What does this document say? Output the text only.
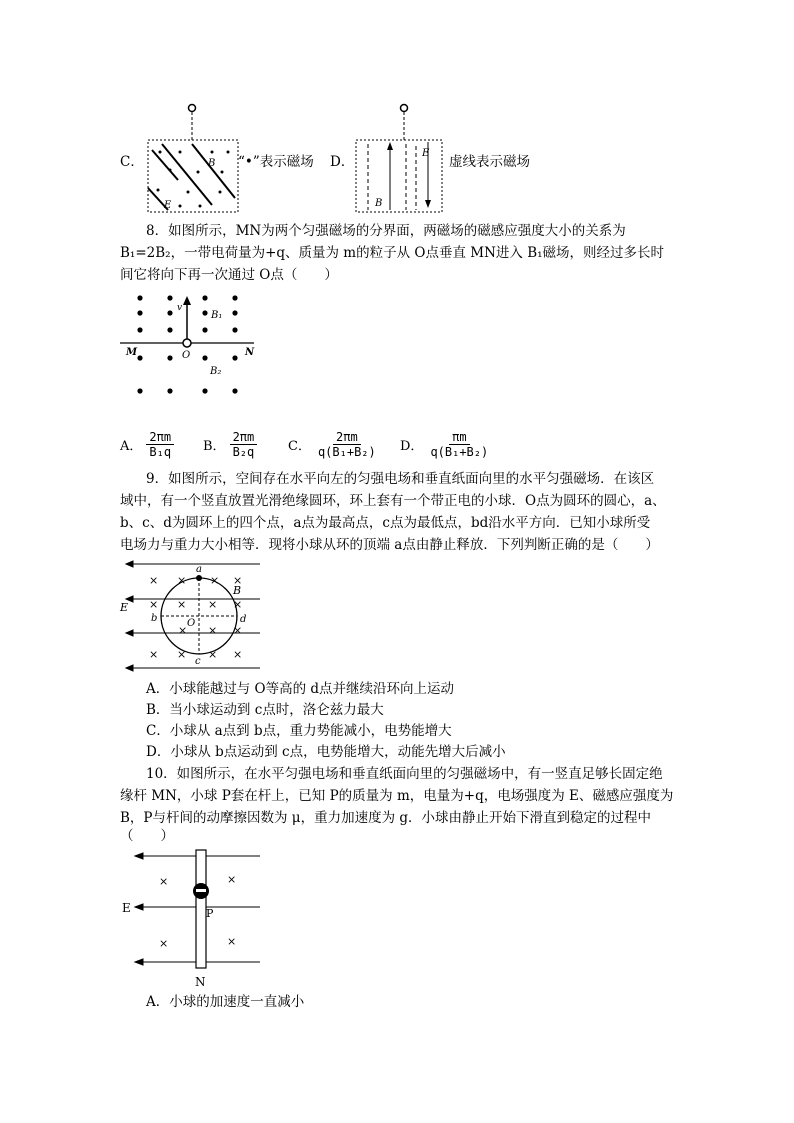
C．	B
E
“•”表示磁场 D．
E
B
虚线表示磁场
8．如图所示，MN为两个匀强磁场的分界面，两磁场的磁感应强度大小的关系为
B₁=2B₂，一带电荷量为+q、质量为 m的粒子从 O点垂直 MN进入 B₁磁场，则经过多长时
间它将向下再一次通过 O点（　　）
v
B₁
M	N
O
B₂
A． $\frac{2\pi m}{\text{B₁q}}$ B． $\frac{2\pi m}{\text{B₂q}}$ C． $\frac{2\pi m}{\text{q(B₁+B₂)}}$ D． $\frac{\pi m}{\text{q(B₁+B₂)}}$
9．如图所示，空间存在水平向左的匀强电场和垂直纸面向里的水平匀强磁场．在该区
域中，有一个竖直放置光滑绝缘圆环，环上套有一个带正电的小球．O点为圆环的圆心，a、
b、c、d为圆环上的四个点，a点为最高点，c点为最低点，bd沿水平方向．已知小球所受
电场力与重力大小相等．现将小球从环的顶端 a点由静止释放．下列判断正确的是（　　）
× × × ×
× × × ×
× × ×
× × × ×
a
b
c
d
O
E
B
A．小球能越过与 O等高的 d点并继续沿环向上运动
B．当小球运动到 c点时，洛仑兹力最大
C．小球从 a点到 b点，重力势能减小，电势能增大
D．小球从 b点运动到 c点，电势能增大，动能先增大后减小
10．如图所示，在水平匀强电场和垂直纸面向里的匀强磁场中，有一竖直足够长固定绝
缘杆 MN，小球 P套在杆上，已知 P的质量为 m，电量为+q，电场强度为 E、磁感应强度为
B，P与杆间的动摩擦因数为 μ，重力加速度为 g．小球由静止开始下滑直到稳定的过程中
（　　）
×	×
×	×
E	P
N
A．小球的加速度一直减小
